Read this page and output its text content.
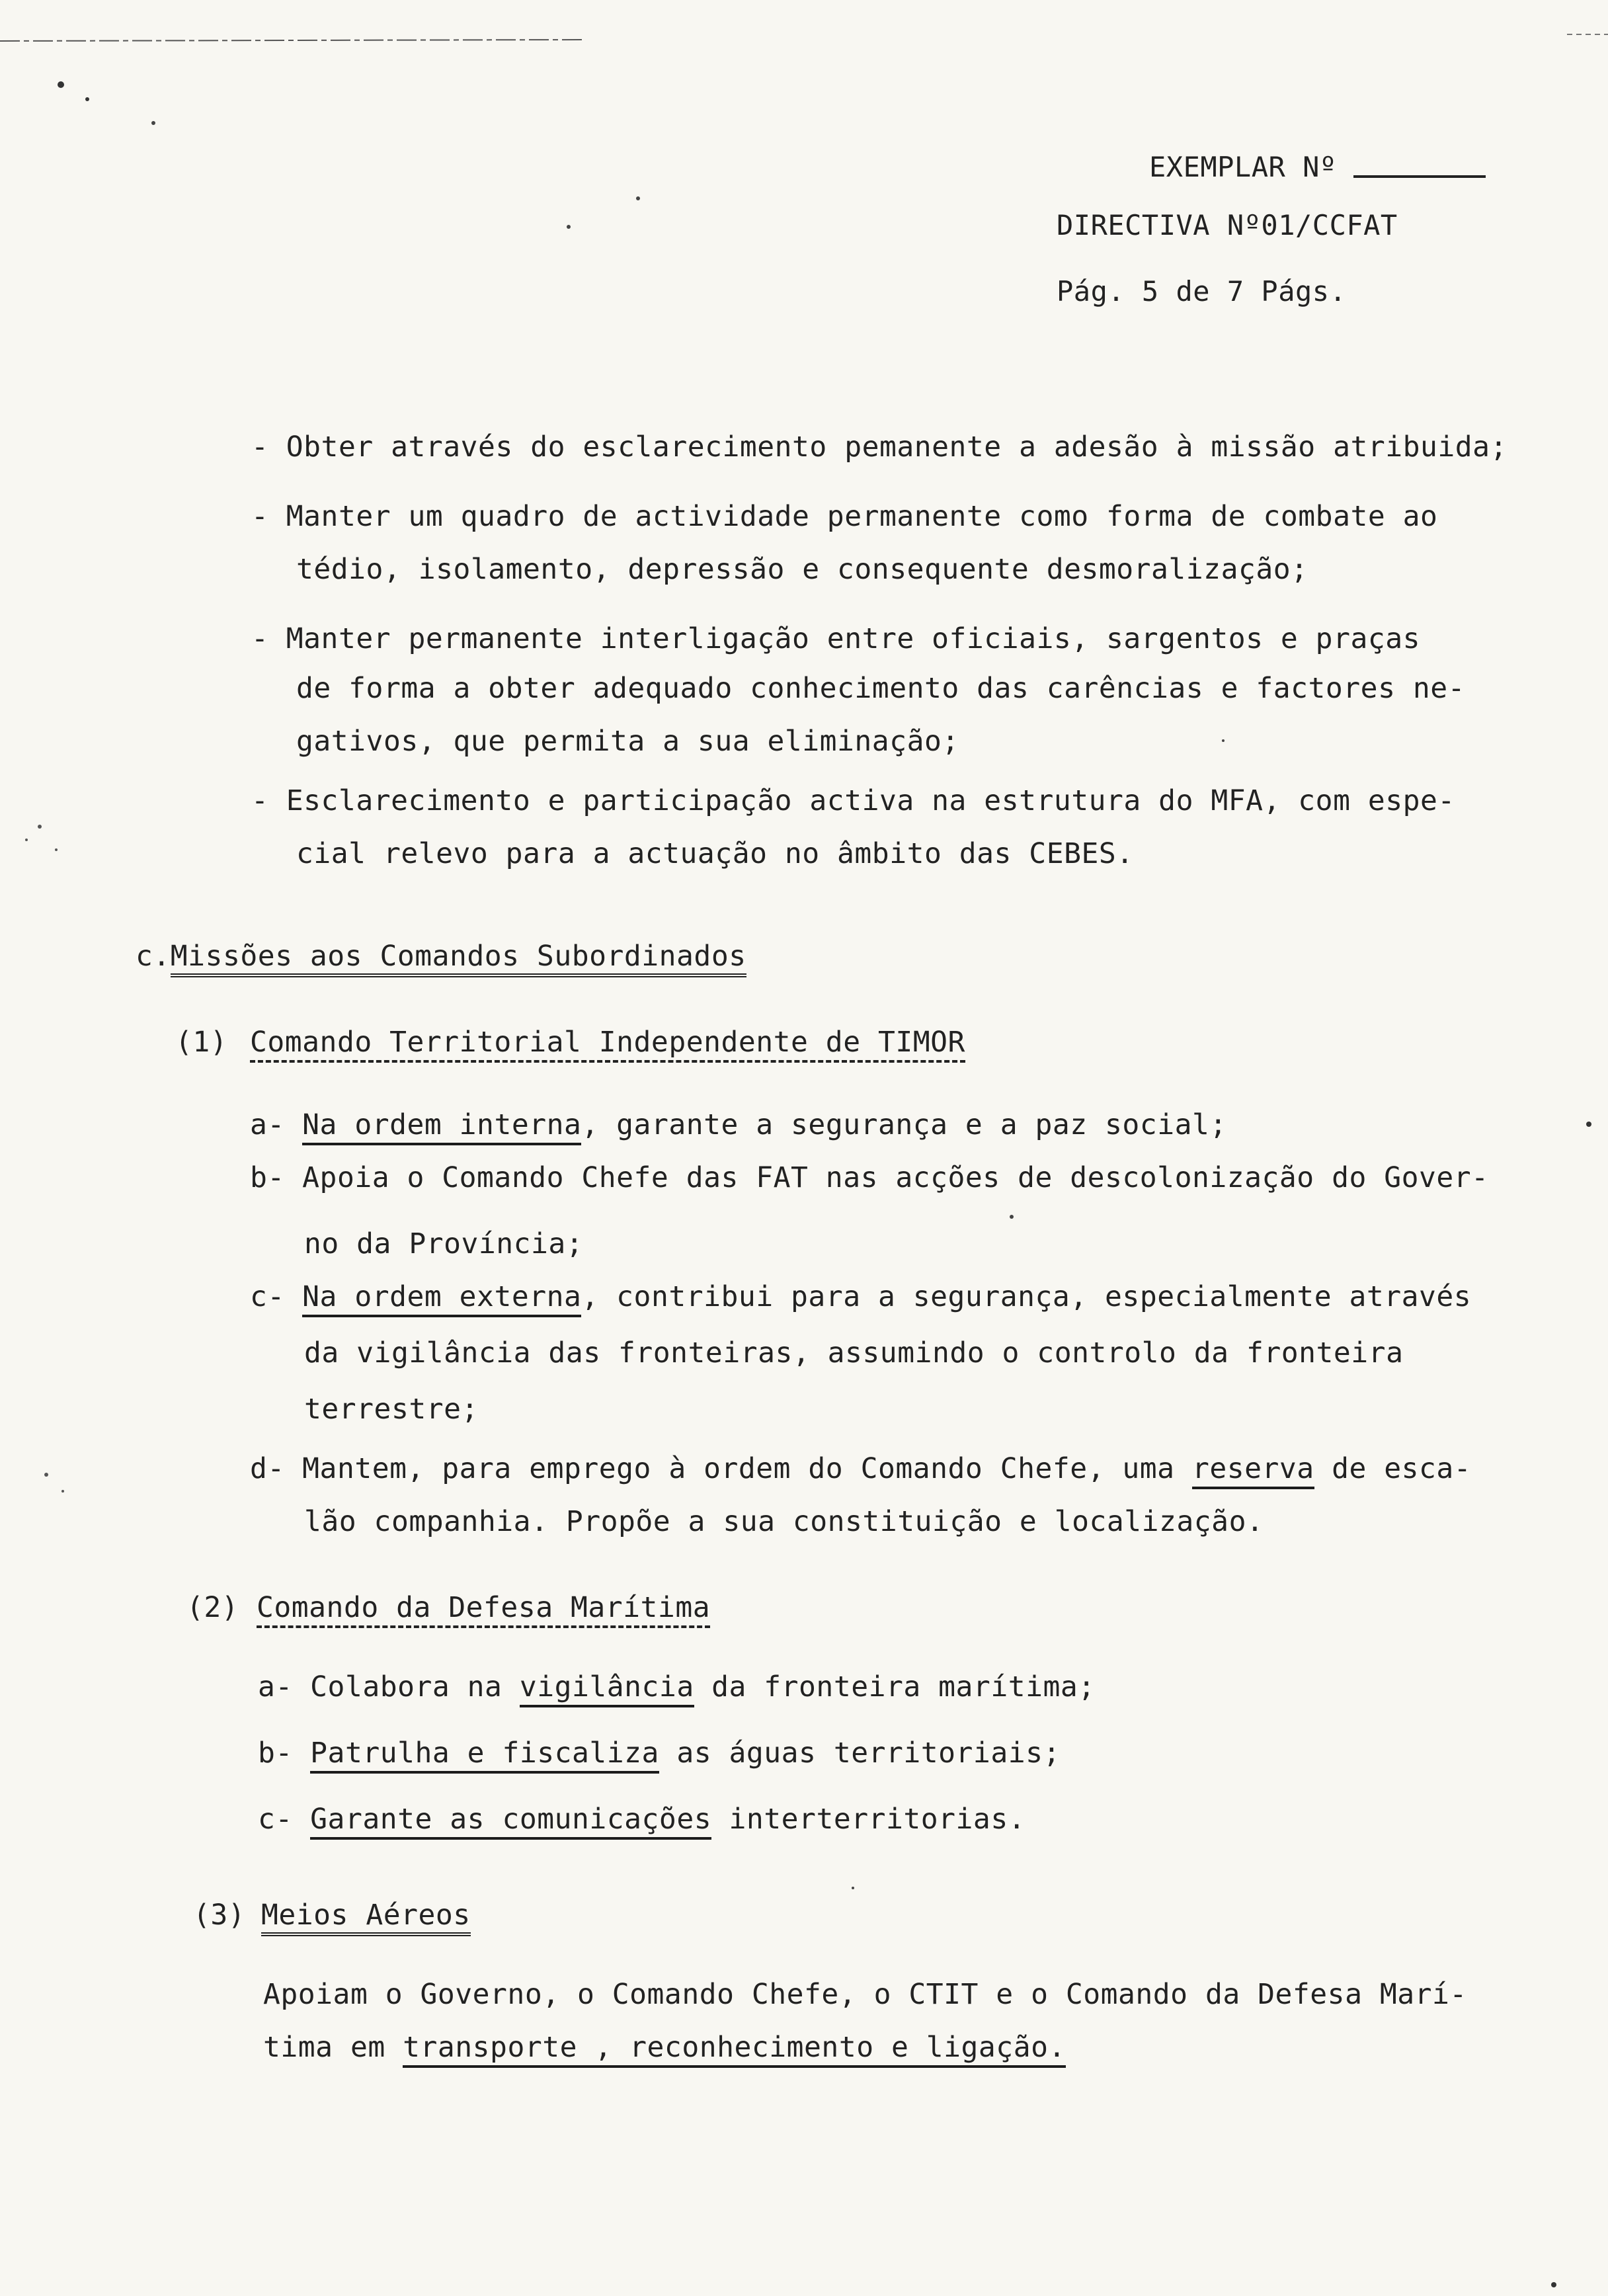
EXEMPLAR Nº
DIRECTIVA Nº01/CCFAT
Pág. 5 de 7 Págs.
- Obter através do esclarecimento pemanente a adesão à missão atribuida;
- Manter um quadro de actividade permanente como forma de combate ao
tédio, isolamento, depressão e consequente desmoralização;
- Manter permanente interligação entre oficiais, sargentos e praças
de forma a obter adequado conhecimento das carências e factores ne-
gativos, que permita a sua eliminação;
- Esclarecimento e participação activa na estrutura do MFA, com espe-
cial relevo para a actuação no âmbito das CEBES.
c.Missões aos Comandos Subordinados
(1) Comando Territorial Independente de TIMOR
a- Na ordem interna, garante a segurança e a paz social;
b- Apoia o Comando Chefe das FAT nas acções de descolonização do Gover-
no da Província;
c- Na ordem externa, contribui para a segurança, especialmente através
da vigilância das fronteiras, assumindo o controlo da fronteira
terrestre;
d- Mantem, para emprego à ordem do Comando Chefe, uma reserva de esca-
lão companhia. Propõe a sua constituição e localização.
(2) Comando da Defesa Marítima
a- Colabora na vigilância da fronteira marítima;
b- Patrulha e fiscaliza as águas territoriais;
c- Garante as comunicações interterritorias.
(3) Meios Aéreos
Apoiam o Governo, o Comando Chefe, o CTIT e o Comando da Defesa Marí-
tima em transporte , reconhecimento e ligação.
